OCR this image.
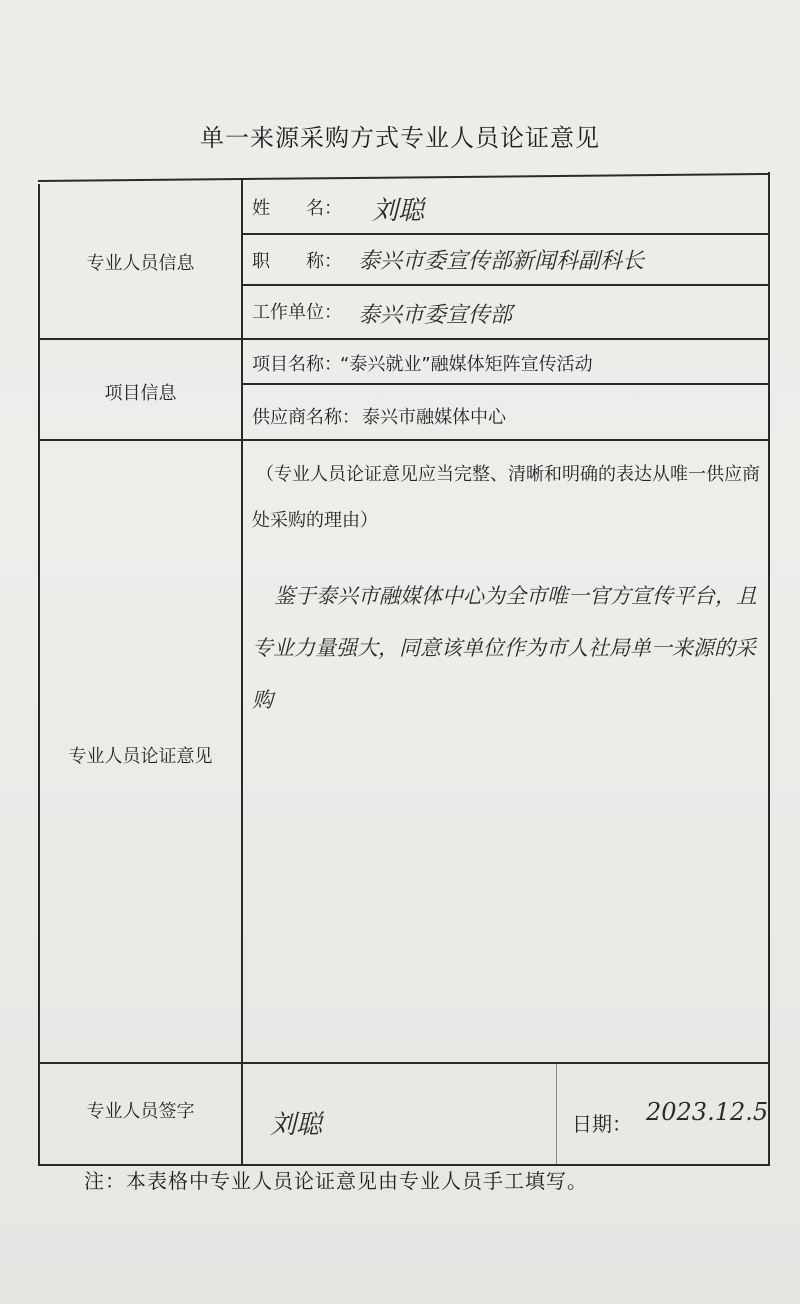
单一来源采购方式专业人员论证意见
专业人员信息
项目信息
专业人员论证意见
专业人员签字
姓　　名： 刘聪
职　　称： 泰兴市委宣传部新闻科副科长
工作单位： 泰兴市委宣传部
项目名称：
“泰兴就业”融媒体矩阵宣传活动
供应商名称： 泰兴市融媒体中心
（专业人员论证意见应当完整、清晰和明确的表达从唯一供应商处采购的理由）
鉴于泰兴市融媒体中心为全市唯一官方宣传平台，且专业力量强大，同意该单位作为市人社局单一来源的采购
刘聪	日期： 2023.12.5
注：本表格中专业人员论证意见由专业人员手工填写。
